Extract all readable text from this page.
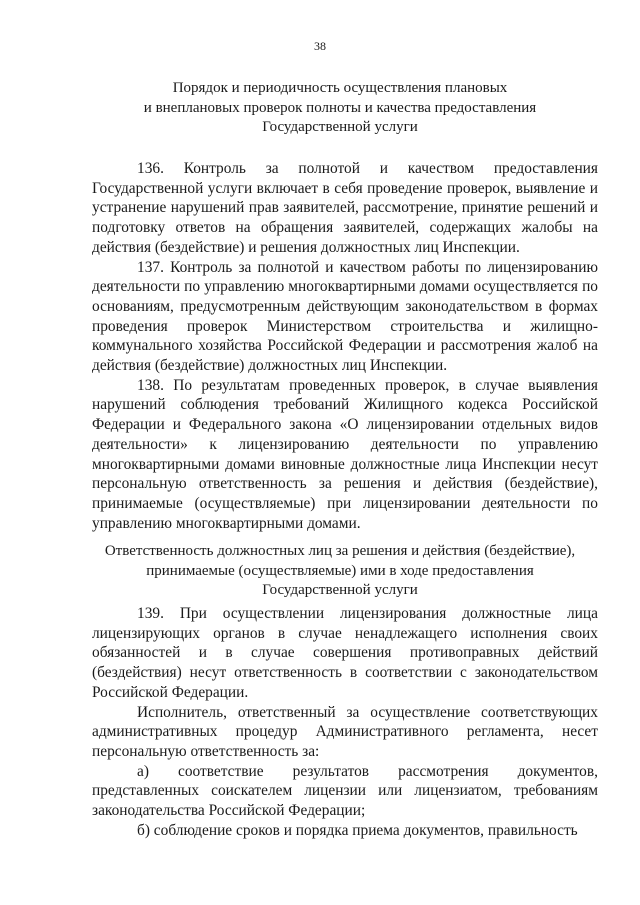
38
Порядок и периодичность осуществления плановых
и внеплановых проверок полноты и качества предоставления
Государственной услуги

136. Контроль за полнотой и качеством предоставления Государственной услуги включает в себя проведение проверок, выявление и устранение нарушений прав заявителей, рассмотрение, принятие решений и подготовку ответов на обращения заявителей, содержащих жалобы на действия (бездействие) и решения должностных лиц Инспекции.

137. Контроль за полнотой и качеством работы по лицензированию деятельности по управлению многоквартирными домами осуществляется по основаниям, предусмотренным действующим законодательством в формах проведения проверок Министерством строительства и жилищно-коммунального хозяйства Российской Федерации и рассмотрения жалоб на действия (бездействие) должностных лиц Инспекции.

138. По результатам проведенных проверок, в случае выявления нарушений соблюдения требований Жилищного кодекса Российской Федерации и Федерального закона «О лицензировании отдельных видов деятельности» к лицензированию деятельности по управлению многоквартирными домами виновные должностные лица Инспекции несут персональную ответственность за решения и действия (бездействие), принимаемые (осуществляемые) при лицензировании деятельности по управлению многоквартирными домами.

Ответственность должностных лиц за решения и действия (бездействие),
принимаемые (осуществляемые) ими в ходе предоставления
Государственной услуги

139. При осуществлении лицензирования должностные лица лицензирующих органов в случае ненадлежащего исполнения своих обязанностей и в случае совершения противоправных действий (бездействия) несут ответственность в соответствии с законодательством Российской Федерации.

Исполнитель, ответственный за осуществление соответствующих административных процедур Административного регламента, несет персональную ответственность за:

а) соответствие результатов рассмотрения документов, представленных соискателем лицензии или лицензиатом, требованиям законодательства Российской Федерации;

б) соблюдение сроков и порядка приема документов, правильность
